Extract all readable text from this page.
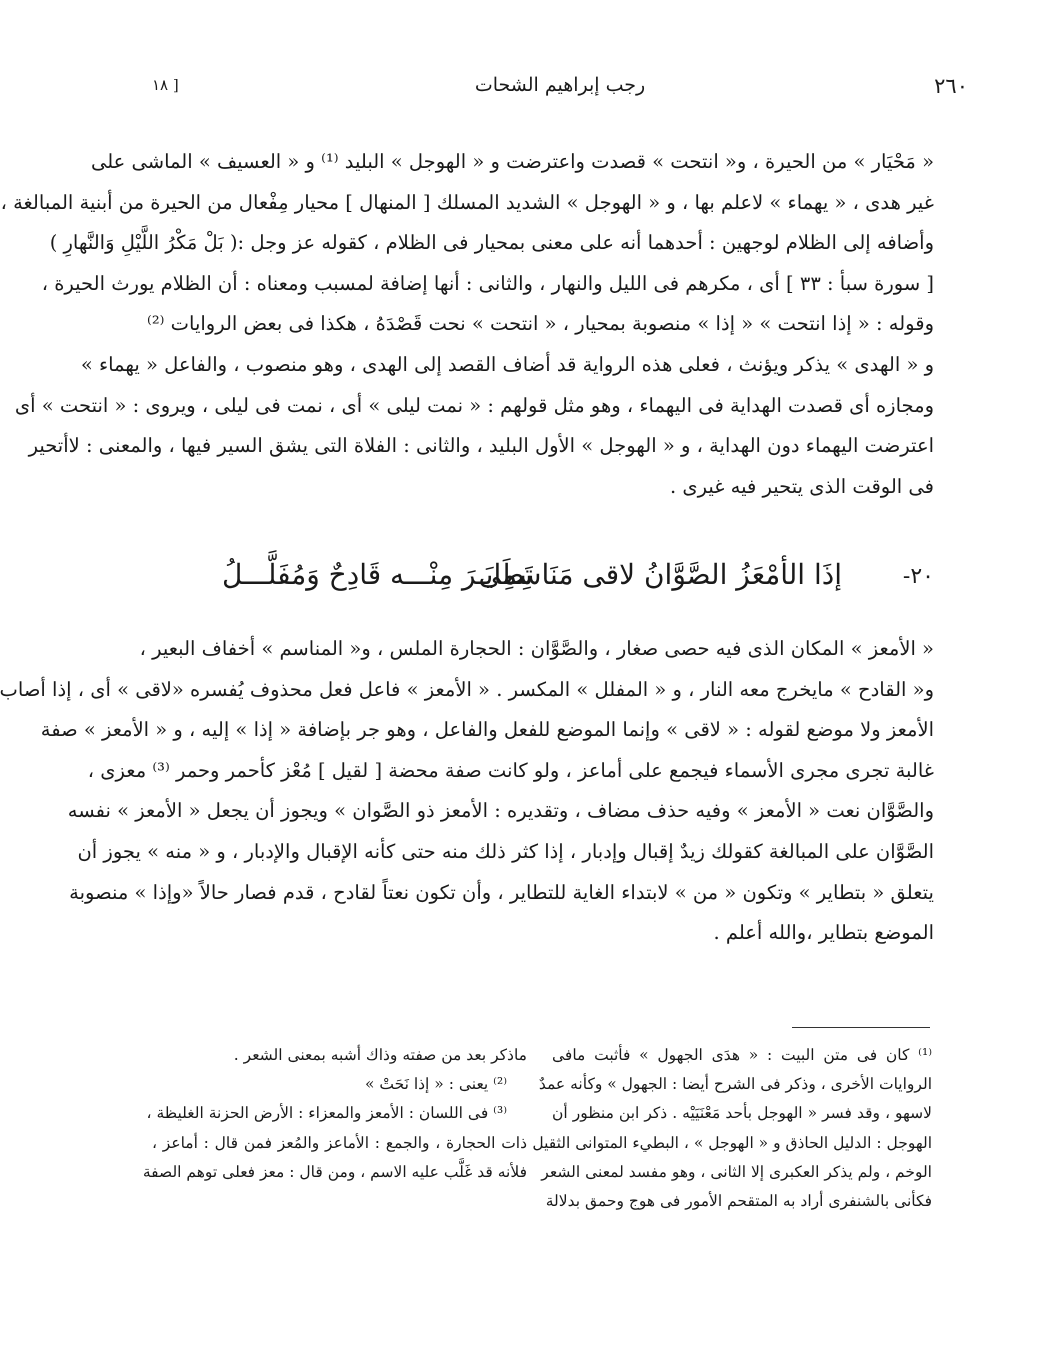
٢٦٠
رجب إبراهيم الشحات
[ ١٨
« مَحْيَار » من الحيرة ، و« انتحت » قصدت واعترضت و « الهوجل » البليد ⁽¹⁾ و « العسيف » الماشى على
غير هدى ، « يهماء » لاعلم بها ، و « الهوجل » الشديد المسلك [ المنهال ] محيار مِفْعال من الحيرة من أبنية المبالغة ،
وأضافه إلى الظلام لوجهين : أحدهما أنه على معنى بمحيار فى الظلام ، كقوله عز وجل :( بَلْ مَكْرُ اللَّيْلِ وَالنَّهارِ )
[ سورة سبأ : ٣٣ ] أى ، مكرهم فى الليل والنهار ، والثانى : أنها إضافة لمسبب ومعناه : أن الظلام يورث الحيرة ،
وقوله : « إذا انتحت » « إذا » منصوبة بمحيار ، « انتحت » نحت قَصْدَهُ ، هكذا فى بعض الروايات ⁽²⁾
و « الهدى » يذكر ويؤنث ، فعلى هذه الرواية قد أضاف القصد إلى الهدى ، وهو منصوب ، والفاعل « يهماء »
ومجازه أى قصدت الهداية فى اليهماء ، وهو مثل قولهم : « نمت ليلى » أى ، نمت فى ليلى ، ويروى : « انتحت » أى
اعترضت اليهماء دون الهداية ، و « الهوجل » الأول البليد ، والثانى : الفلاة التى يشق السير فيها ، والمعنى : لاأتحير
فى الوقت الذى يتحير فيه غيرى .
٢٠-
إذَا الأمْعَزُ الصَّوَّانُ لاقى مَنَاسِمِى
تَطَايَـرَ مِنْـــه قَادِحٌ وَمُفَلَّـــلُ
« الأمعز » المكان الذى فيه حصى صغار ، والصَّوَّان : الحجارة الملس ، و« المناسم » أخفاف البعير ،
و« القادح » مايخرج معه النار ، و « المفلل » المكسر . « الأمعز » فاعل فعل محذوف يُفسره «لاقى » أى ، إذا أصاب
الأمعز ولا موضع لقوله : « لاقى » وإنما الموضع للفعل والفاعل ، وهو جر بإضافة « إذا » إليه ، و « الأمعز » صفة
غالبة تجرى مجرى الأسماء فيجمع على أماعز ، ولو كانت صفة محضة [ لقيل ] مُعْز كأحمر وحمر ⁽³⁾ معزى ،
والصَّوَّان نعت « الأمعز » وفيه حذف مضاف ، وتقديره : الأمعز ذو الصَّوان » ويجوز أن يجعل « الأمعز » نفسه
الصَّوَّان على المبالغة كقولك زيدٌ إقبال وإدبار ، إذا كثر ذلك منه حتى كأنه الإقبال والإدبار ، و « منه » يجوز أن
يتعلق « بتطاير » وتكون « من » لابتداء الغاية للتطاير ، وأن تكون نعتاً لقادح ، قدم فصار حالاً «وإذا » منصوبة
الموضع بتطاير ،والله أعلم .
⁽¹⁾ كان فى متن البيت : « هدَى الجهول » فأثبت مافى
الروايات الأخرى ، وذكر فى الشرح أيضا : الجهول » وكأنه عمدٌ
لاسهو ، وقد فسر « الهوجل بأحد مَعْنَيَيْه . ذكر ابن منظور أن
الهوجل : الدليل الحاذق و « الهوجل » ، البطيء المتوانى الثقيل
الوخم ، ولم يذكر العكبرى إلا الثانى ، وهو مفسد لمعنى الشعر
فكأنى بالشنفرى أراد به المتقحم الأمور فى هوج وحمق بدلالة
ماذكر بعد من صفته وذاك أشبه بمعنى الشعر .
⁽²⁾ يعنى : « إذا نَحَتْ »
⁽³⁾ فى اللسان : الأمعز والمعزاء : الأرض الحزنة الغليظة ،
ذات الحجارة ، والجمع : الأماعز والمُعز فمن قال : أماعز ،
فلأنه قد غَلَّب عليه الاسم ، ومن قال : معز فعلى توهم الصفة
